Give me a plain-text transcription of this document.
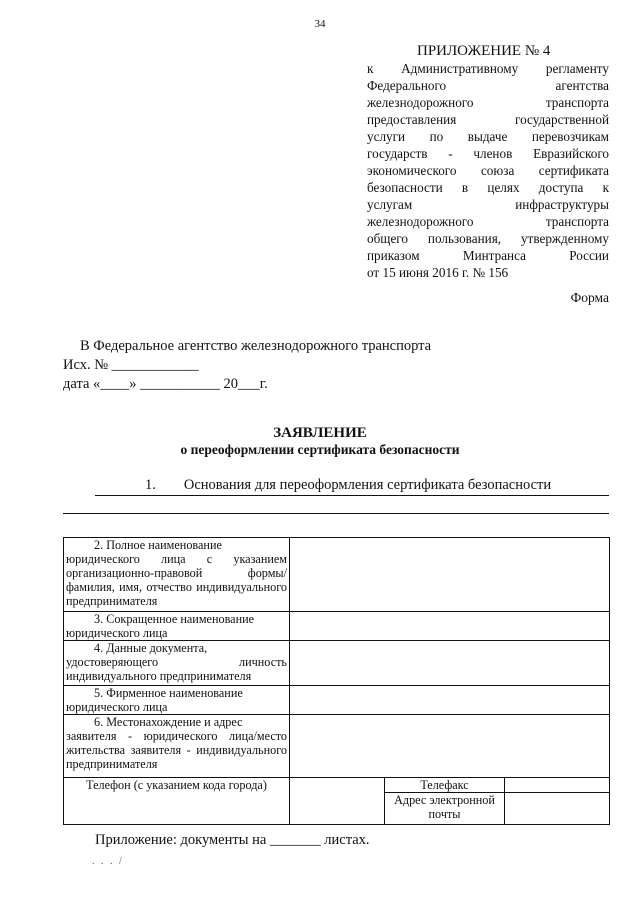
34
ПРИЛОЖЕНИЕ № 4
к Административному регламенту
Федерального агентства
железнодорожного транспорта
предоставления государственной
услуги по выдаче перевозчикам
государств - членов Евразийского
экономического союза сертификата
безопасности в целях доступа к
услугам инфраструктуры
железнодорожного транспорта
общего пользования, утвержденному
приказом Минтранса России
от 15 июня 2016 г. № 156
Форма
В Федеральное агентство железнодорожного транспорта
Исх. № ____________
дата «____» ___________ 20___г.
ЗАЯВЛЕНИЕ
о переоформлении сертификата безопасности
1. Основания для переоформления сертификата безопасности
2. Полное наименование
юридического лица с указанием организационно-правовой формы/ фамилия, имя, отчество индивидуального предпринимателя			

3. Сокращенное наименование
юридического лица			

4. Данные документа,
удостоверяющего личность индивидуального предпринимателя			

5. Фирменное наименование
юридического лица			

6. Местонахождение и адрес
заявителя - юридического лица/место жительства заявителя - индивидуального предпринимателя			
Телефон (с указанием кода города)		Телефакс	
		Адрес электронной почты	
Приложение: документы на _______ листах.
. . . /
